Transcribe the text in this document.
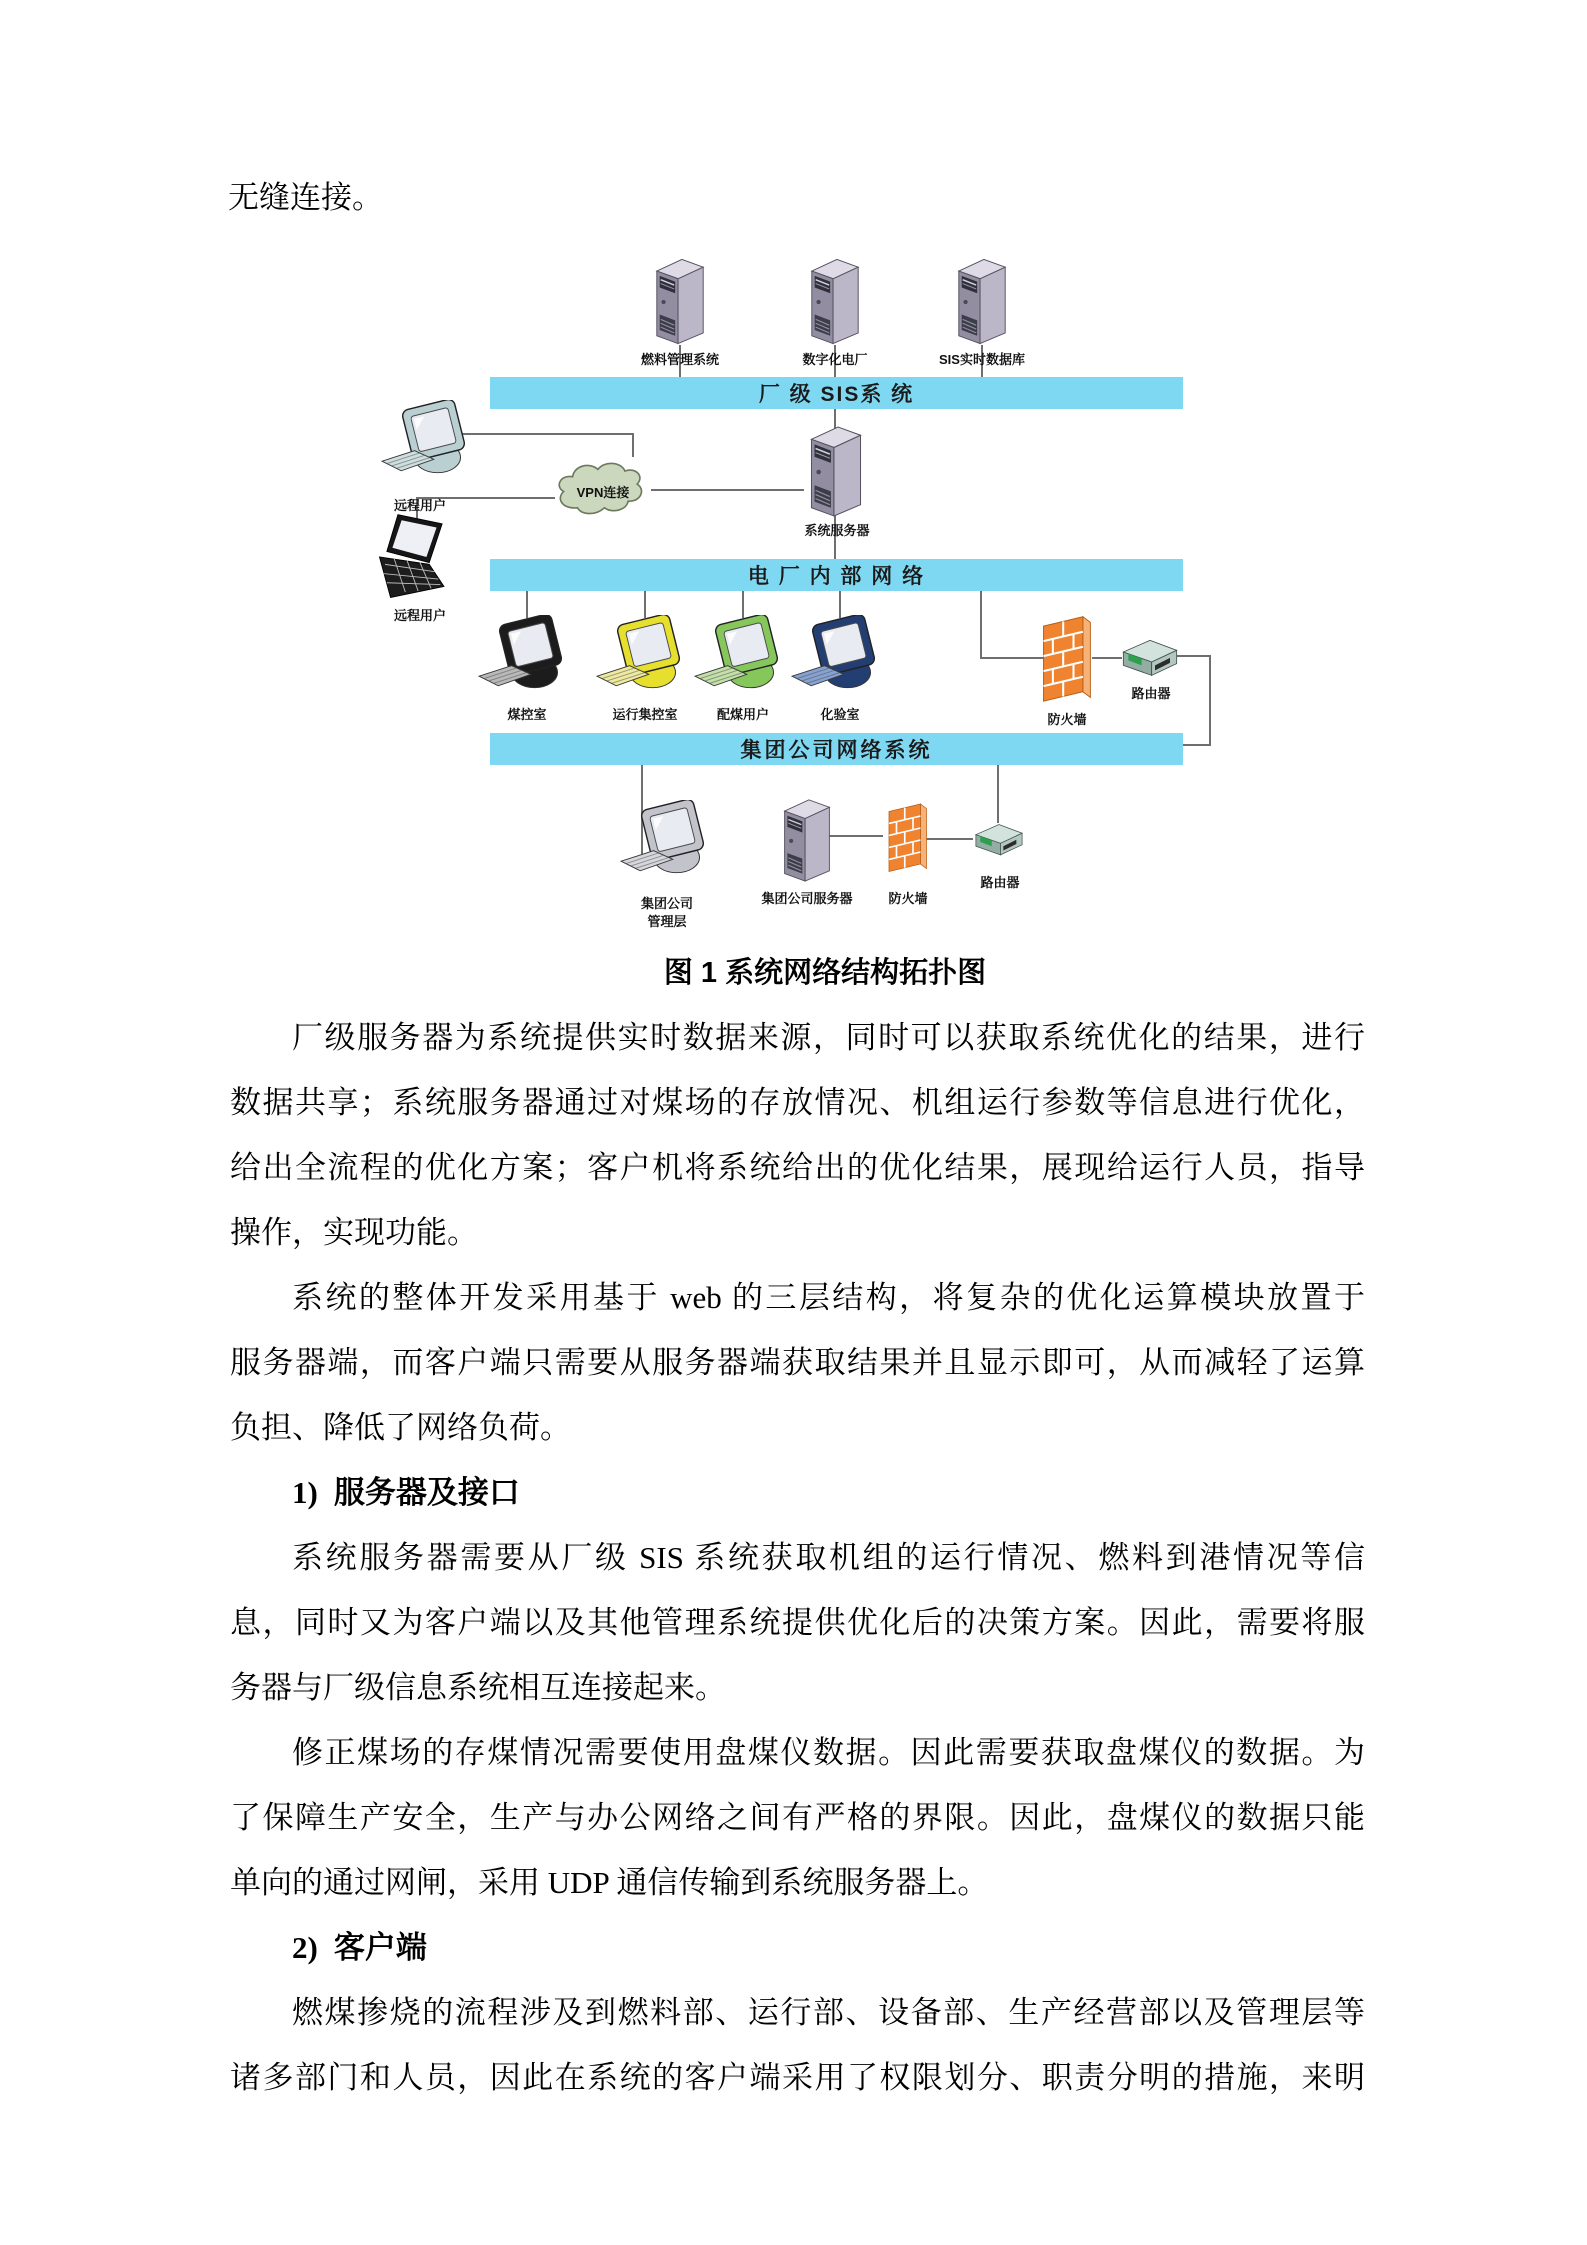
无缝连接。
厂 级 SIS系 统
电 厂 内 部 网 络
集团公司网络系统
燃料管理系统	数字化电厂	SIS实时数据库
远程用户
VPN连接
系统服务器
远程用户
煤控室	运行集控室	配煤用户	化验室	防火墙
路由器
集团公司
管理层
集团公司服务器	防火墙
路由器
图 1 系统网络结构拓扑图
厂级服务器为系统提供实时数据来源，同时可以获取系统优化的结果，进行
数据共享；系统服务器通过对煤场的存放情况、机组运行参数等信息进行优化，
给出全流程的优化方案；客户机将系统给出的优化结果，展现给运行人员，指导
操作，实现功能。
系统的整体开发采用基于 web 的三层结构，将复杂的优化运算模块放置于
服务器端，而客户端只需要从服务器端获取结果并且显示即可，从而减轻了运算
负担、降低了网络负荷。
1) 服务器及接口
系统服务器需要从厂级 SIS 系统获取机组的运行情况、燃料到港情况等信
息，同时又为客户端以及其他管理系统提供优化后的决策方案。因此，需要将服
务器与厂级信息系统相互连接起来。
修正煤场的存煤情况需要使用盘煤仪数据。因此需要获取盘煤仪的数据。为
了保障生产安全，生产与办公网络之间有严格的界限。因此，盘煤仪的数据只能
单向的通过网闸，采用 UDP 通信传输到系统服务器上。
2) 客户端
燃煤掺烧的流程涉及到燃料部、运行部、设备部、生产经营部以及管理层等
诸多部门和人员，因此在系统的客户端采用了权限划分、职责分明的措施，来明
